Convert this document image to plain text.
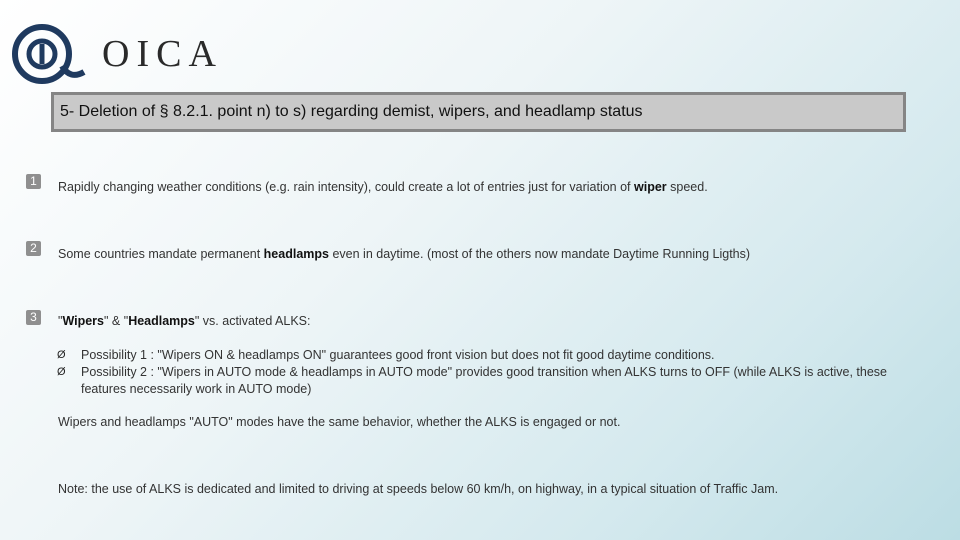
OICA
5- Deletion of § 8.2.1. point n) to s) regarding demist, wipers, and headlamp status
1	Rapidly changing weather conditions (e.g. rain intensity), could create a lot of entries just for variation of wiper speed.
2	Some countries mandate permanent headlamps even in daytime. (most of the others now mandate Daytime Running Ligths)
3	"Wipers" & "Headlamps" vs. activated ALKS:
Ø	Possibility 1 : "Wipers ON & headlamps ON" guarantees good front vision but does not fit good daytime conditions.
Ø	Possibility 2 : "Wipers in AUTO mode & headlamps in AUTO mode" provides good transition when ALKS turns to OFF (while ALKS is active, these features necessarily work in AUTO mode)
Wipers and headlamps "AUTO" modes have the same behavior, whether the ALKS is engaged or not.
Note: the use of ALKS is dedicated and limited to driving at speeds below 60 km/h, on highway, in a typical situation of Traffic Jam.
